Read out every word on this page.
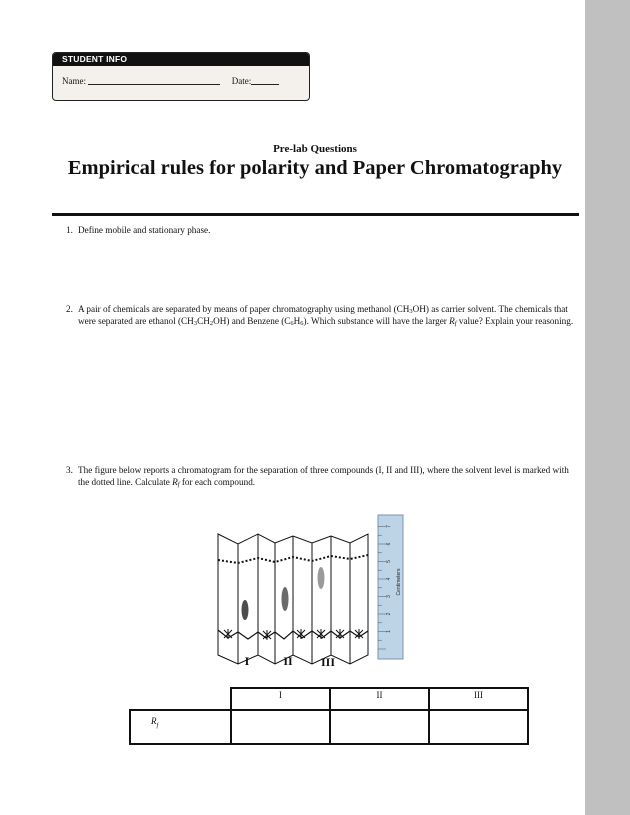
STUDENT INFO
Name:	Date:
Pre-lab Questions
Empirical rules for polarity and Paper Chromatography
1. Define mobile and stationary phase.
2. A pair of chemicals are separated by means of paper chromatography using methanol $(CH_3OH)$ as carrier solvent. The chemicals that were separated are ethanol $(CH_3CH_2OH)$ and Benzene $(C_6H_6)$. Which substance will have the larger $R_f$ value? Explain your reasoning.
3. The figure below reports a chromatogram for the separation of three compounds (I, II and III), where the solvent level is marked with the dotted line. Calculate $R_f$ for each compound.
I	II III
1
2
3
4
5
6
7
Centimeters
	I	II	III
$R_f$			
